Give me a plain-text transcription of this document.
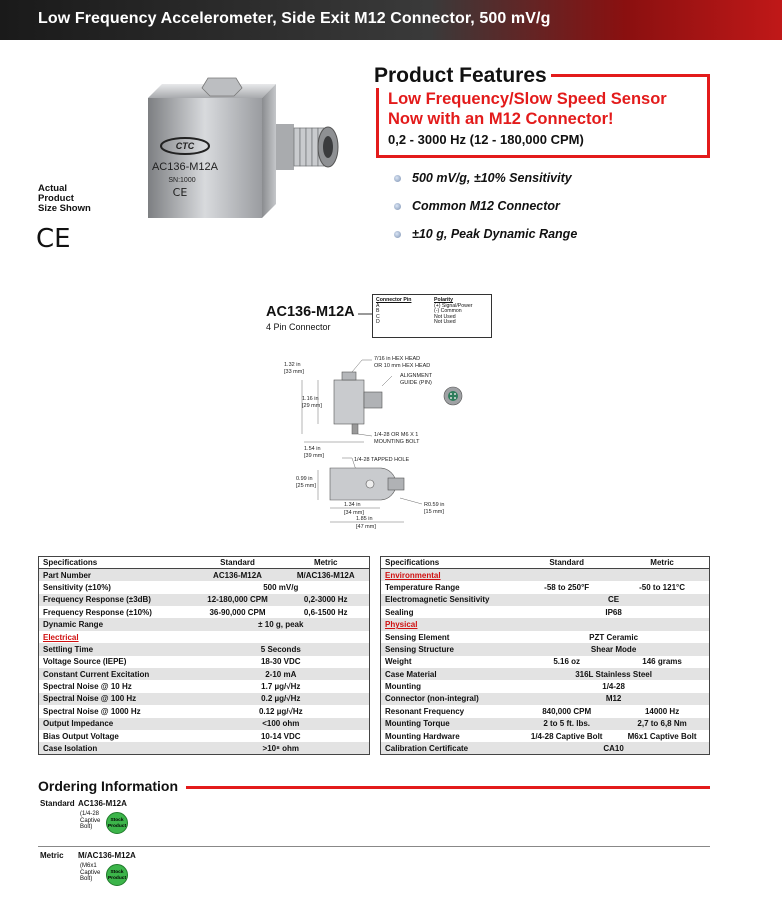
Low Frequency Accelerometer, Side Exit M12 Connector, 500 mV/g
CTC
AC136-M12A
SN:1000
CE
Actual
Product
Size Shown
CE
Product Features
Low Frequency/Slow Speed Sensor
Now with an M12 Connector!
0,2 - 3000 Hz (12 - 180,000 CPM)
500 mV/g, ±10% Sensitivity
Common M12 Connector
±10 g, Peak Dynamic Range
AC136-M12A
4 Pin Connector
Connector Pin	Polarity
A	(+) Signal/Power
B	(-) Common
C	Not Used
D	Not Used
1.32 in
[33 mm]
1.16 in
[29 mm]
1.54 in
[39 mm]
7/16 in HEX HEAD
OR 10 mm HEX HEAD
ALIGNMENT
GUIDE (PIN)
1/4-28 OR M6 X 1
MOUNTING BOLT
1/4-28 TAPPED HOLE
0.99 in
[25 mm]
1.34 in
[34 mm]
1.85 in
[47 mm]
R0.59 in
[15 mm]
Specifications	Standard	Metric
Part Number	AC136-M12A	M/AC136-M12A
Sensitivity (±10%)	500 mV/g	
Frequency Response (±3dB)	12-180,000 CPM	0,2-3000 Hz
Frequency Response (±10%)	36-90,000 CPM	0,6-1500 Hz
Dynamic Range	± 10 g, peak	
Electrical		
Settling Time	5 Seconds	
Voltage Source (IEPE)	18-30 VDC	
Constant Current Excitation	2-10 mA	
Spectral Noise @ 10 Hz	1.7 µg/√Hz	
Spectral Noise @ 100 Hz	0.2 µg/√Hz	
Spectral Noise @ 1000 Hz	0.12 µg/√Hz	
Output Impedance	<100 ohm	
Bias Output Voltage	10-14 VDC	
Case Isolation	>10⁸ ohm	
Specifications	Standard	Metric
Environmental		
Temperature Range	-58 to 250°F	-50 to 121°C
Electromagnetic Sensitivity	CE	
Sealing	IP68	
Physical		
Sensing Element	PZT Ceramic	
Sensing Structure	Shear Mode	
Weight	5.16 oz	146 grams
Case Material	316L Stainless Steel	
Mounting	1/4-28	
Connector (non-integral)	M12	
Resonant Frequency	840,000 CPM	14000 Hz
Mounting Torque	2 to 5 ft. lbs.	2,7 to 6,8 Nm
Mounting Hardware	1/4-28 Captive Bolt	M6x1 Captive Bolt
Calibration Certificate	CA10	
Ordering Information
Standard AC136-M12A
(1/4-28
Captive
Bolt)
Stock
Product
Metric M/AC136-M12A
(M6x1
Captive
Bolt)
Stock
Product
